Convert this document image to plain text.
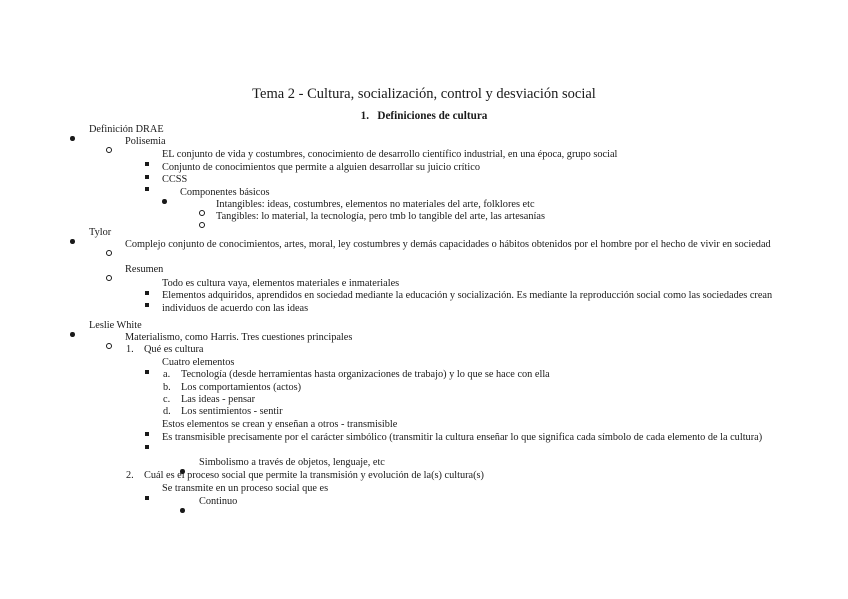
Tema 2 - Cultura, socialización, control y desviación social
1. Definiciones de cultura
Definición DRAE
Polisemia
EL conjunto de vida y costumbres, conocimiento de desarrollo científico industrial, en una época, grupo social
Conjunto de conocimientos que permite a alguien desarrollar su juicio crítico
CCSS
Componentes básicos
Intangibles: ideas, costumbres, elementos no materiales del arte, folklores etc
Tangibles: lo material, la tecnología, pero tmb lo tangible del arte, las artesanías
Tylor
Complejo conjunto de conocimientos, artes, moral, ley costumbres y demás capacidades o hábitos obtenidos por el hombre por el hecho de vivir en sociedad
Resumen
Todo es cultura vaya, elementos materiales e inmateriales
Elementos adquiridos, aprendidos en sociedad mediante la educación y socialización. Es mediante la reproducción social como las sociedades crean individuos de acuerdo con las ideas
Leslie White
Materialismo, como Harris. Tres cuestiones principales
1. Qué es cultura
Cuatro elementos
a. Tecnología (desde herramientas hasta organizaciones de trabajo) y lo que se hace con ella
b. Los comportamientos (actos)
c. Las ideas - pensar
d. Los sentimientos - sentir
Estos elementos se crean y enseñan a otros - transmisible
Es transmisible precisamente por el carácter simbólico (transmitir la cultura enseñar lo que significa cada símbolo de cada elemento de la cultura)
Simbolismo a través de objetos, lenguaje, etc
2. Cuál es el proceso social que permite la transmisión y evolución de la(s) cultura(s)
Se transmite en un proceso social que es
Continuo
